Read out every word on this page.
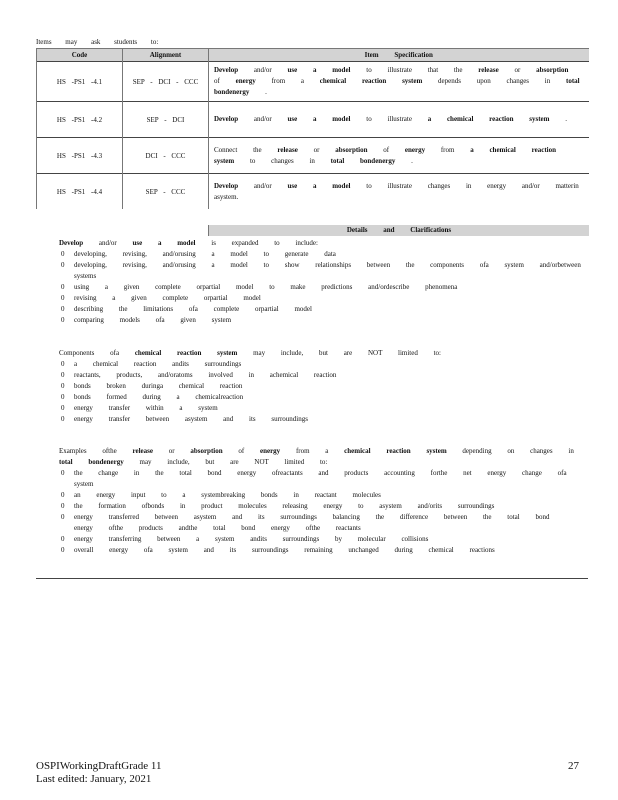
Items may ask students to:
Code	Alignment	Item Specification
HS -PS1 -4.1	SEP - DCI - CCC	Develop and/or use a model to illustrate that the release or absorption of energy from a chemical reaction system depends upon changes in total bondenergy .
HS -PS1 -4.2	SEP - DCI	Develop and/or use a model to illustrate a chemical reaction system .
HS -PS1 -4.3	DCI - CCC	Connect the release or absorption of energy from a chemical reaction system to changes in total bondenergy .
HS -PS1 -4.4	SEP - CCC	Develop and/or use a model to illustrate changes in energy and/or matterin asystem.
Details and Clarifications
Develop and/or use a model is expanded to include:
0 developing, revising, and/orusing a model to generate data
0 developing, revising, and/orusing a model to show relationships between the components ofa system and/orbetween systems
0 using a given complete orpartial model to make predictions and/ordescribe phenomena
0 revising a given complete orpartial model
0 describing the limitations ofa complete orpartial model
0 comparing models ofa given system
Components ofa chemical reaction system may include, but are NOT limited to:
0 a chemical reaction andits surroundings
0 reactants, products, and/oratoms involved in achemical reaction
0 bonds broken duringa chemical reaction
0 bonds formed during a chemicalreaction
0 energy transfer within a system
0 energy transfer between asystem and its surroundings
Examples ofthe release or absorption of energy from a chemical reaction system depending on changes in total bondenergy may include, but are NOT limited to:
0 the change in the total bond energy ofreactants and products accounting forthe net energy change ofa system
0 an energy input to a systembreaking bonds in reactant molecules
0 the formation ofbonds in product molecules releasing energy to asystem and/orits surroundings
0 energy transferred between asystem and its surroundings balancing the difference between the total bond energy ofthe products andthe total bond energy ofthe reactants
0 energy transferring between a system andits surroundings by molecular collisions
0 overall energy ofa system and its surroundings remaining unchanged during chemical reactions
OSPIWorkingDraftGrade 11
Last edited: January, 2021
27
